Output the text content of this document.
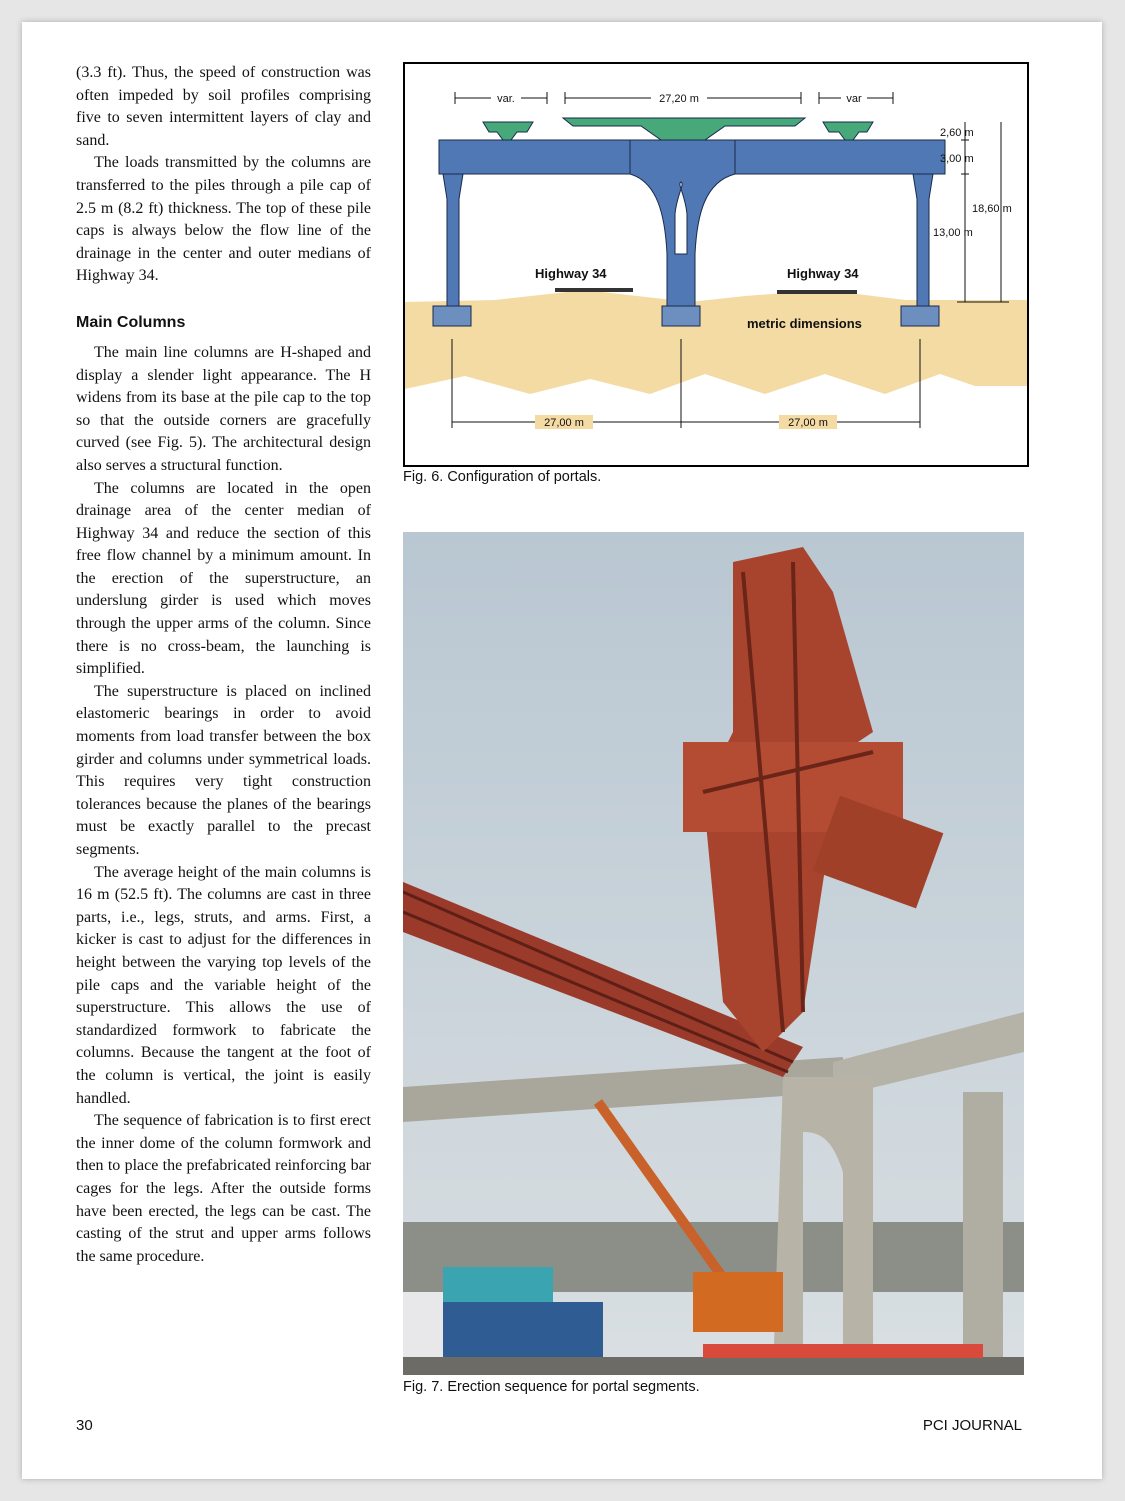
(3.3 ft). Thus, the speed of construction was often impeded by soil profiles comprising five to seven intermittent layers of clay and sand.

The loads transmitted by the columns are transferred to the piles through a pile cap of 2.5 m (8.2 ft) thickness. The top of these pile caps is always below the flow line of the drainage in the center and outer medians of Highway 34.

Main Columns

The main line columns are H-shaped and display a slender light appearance. The H widens from its base at the pile cap to the top so that the outside corners are gracefully curved (see Fig. 5). The architectural design also serves a structural function.

The columns are located in the open drainage area of the center median of Highway 34 and reduce the section of this free flow channel by a minimum amount. In the erection of the superstructure, an underslung girder is used which moves through the upper arms of the column. Since there is no cross-beam, the launching is simplified.

The superstructure is placed on inclined elastomeric bearings in order to avoid moments from load transfer between the box girder and columns under symmetrical loads. This requires very tight construction tolerances because the planes of the bearings must be exactly parallel to the precast segments.

The average height of the main columns is 16 m (52.5 ft). The columns are cast in three parts, i.e., legs, struts, and arms. First, a kicker is cast to adjust for the differences in height between the varying top levels of the pile caps and the variable height of the superstructure. This allows the use of standardized formwork to fabricate the columns. Because the tangent at the foot of the column is vertical, the joint is easily handled.

The sequence of fabrication is to first erect the inner dome of the column formwork and then to place the prefabricated reinforcing bar cages for the legs. After the outside forms have been erected, the legs can be cast. The casting of the strut and upper arms follows the same procedure.

var.	27,20 m	var
2,60 m
3,00 m
18,60 m
13,00 m
Highway 34	Highway 34
metric dimensions
27,00 m	27,00 m
Fig. 6. Configuration of portals.
Fig. 7. Erection sequence for portal segments.
30	PCI JOURNAL
